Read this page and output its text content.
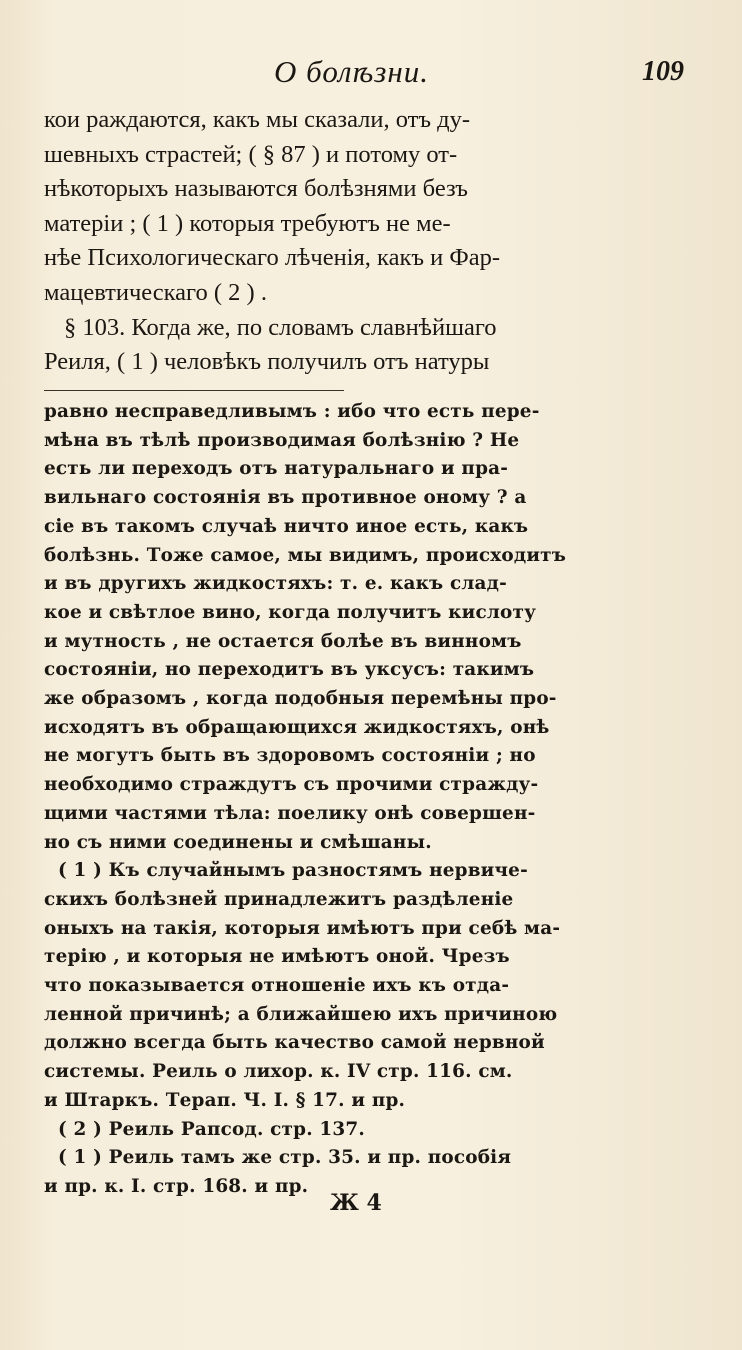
О болѣзни.	109
кои раждаются, какъ мы сказали, отъ ду-
шевныхъ страстей; ( § 87 ) и потому от-
нѣкоторыхъ называются болѣзнями безъ
матеріи ; ( 1 ) которыя требуютъ не ме-
нѣе Психологическаго лѣченія, какъ и Фар-
мацевтическаго ( 2 ) .
§ 103. Когда же, по словамъ славнѣйшаго
Реиля, ( 1 ) человѣкъ получилъ отъ натуры
равно несправедливымъ : ибо что есть пере-
мѣна въ тѣлѣ производимая болѣзнію ? Не
есть ли переходъ отъ натуральнаго и пра-
вильнаго состоянія въ противное оному ? а
сіе въ такомъ случаѣ ничто иное есть, какъ
болѣзнь. Тоже самое, мы видимъ, происходитъ
и въ другихъ жидкостяхъ: т. е. какъ слад-
кое и свѣтлое вино, когда получитъ кислоту
и мутность , не остается болѣе въ винномъ
состояніи, но переходитъ въ уксусъ: такимъ
же образомъ , когда подобныя перемѣны про-
исходятъ въ обращающихся жидкостяхъ, онѣ
не могутъ быть въ здоровомъ состояніи ; но
необходимо страждутъ съ прочими стражду-
щими частями тѣла: поелику онѣ совершен-
но съ ними соединены и смѣшаны.
( 1 ) Къ случайнымъ разностямъ нервиче-
скихъ болѣзней принадлежитъ раздѣленіе
оныхъ на такія, которыя имѣютъ при себѣ ма-
терію , и которыя не имѣютъ оной. Чрезъ
что показывается отношеніе ихъ къ отда-
ленной причинѣ; а ближайшею ихъ причиною
должно всегда быть качество самой нервной
системы. Реиль о лихор. к. IV стр. 116. см.
и Штаркъ. Терап. Ч. I. § 17. и пр.
( 2 ) Реиль Рапсод. стр. 137.
( 1 ) Реиль тамъ же стр. 35. и пр. пособія
и пр. к. I. стр. 168. и пр.
Ж 4
